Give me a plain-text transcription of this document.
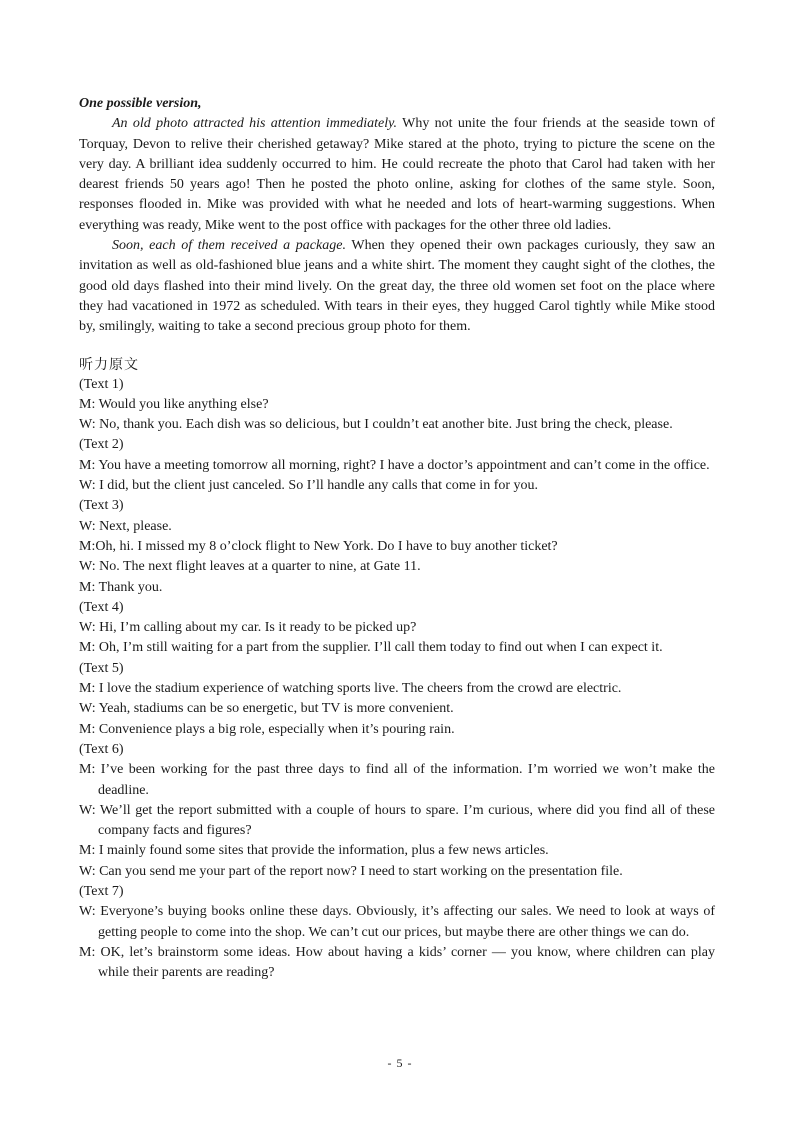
One possible version,

An old photo attracted his attention immediately. Why not unite the four friends at the seaside town of Torquay, Devon to relive their cherished getaway? Mike stared at the photo, trying to picture the scene on the very day. A brilliant idea suddenly occurred to him. He could recreate the photo that Carol had taken with her dearest friends 50 years ago! Then he posted the photo online, asking for clothes of the same style. Soon, responses flooded in. Mike was provided with what he needed and lots of heart-warming suggestions. When everything was ready, Mike went to the post office with packages for the other three old ladies.

Soon, each of them received a package. When they opened their own packages curiously, they saw an invitation as well as old-fashioned blue jeans and a white shirt. The moment they caught sight of the clothes, the good old days flashed into their mind lively. On the great day, the three old women set foot on the place where they had vacationed in 1972 as scheduled. With tears in their eyes, they hugged Carol tightly while Mike stood by, smilingly, waiting to take a second precious group photo for them.

听力原文

(Text 1)

M: Would you like anything else?

W: No, thank you. Each dish was so delicious, but I couldn’t eat another bite. Just bring the check, please.

(Text 2)

M: You have a meeting tomorrow all morning, right? I have a doctor’s appointment and can’t come in the office.

W: I did, but the client just canceled. So I’ll handle any calls that come in for you.

(Text 3)

W: Next, please.

M:Oh, hi. I missed my 8 o’clock flight to New York. Do I have to buy another ticket?

W: No. The next flight leaves at a quarter to nine, at Gate 11.

M: Thank you.

(Text 4)

W: Hi, I’m calling about my car. Is it ready to be picked up?

M: Oh, I’m still waiting for a part from the supplier. I’ll call them today to find out when I can expect it.

(Text 5)

M: I love the stadium experience of watching sports live. The cheers from the crowd are electric.

W: Yeah, stadiums can be so energetic, but TV is more convenient.

M: Convenience plays a big role, especially when it’s pouring rain.

(Text 6)

M: I’ve been working for the past three days to find all of the information. I’m worried we won’t make the deadline.

W: We’ll get the report submitted with a couple of hours to spare. I’m curious, where did you find all of these company facts and figures?

M: I mainly found some sites that provide the information, plus a few news articles.

W: Can you send me your part of the report now? I need to start working on the presentation file.

(Text 7)

W: Everyone’s buying books online these days. Obviously, it’s affecting our sales. We need to look at ways of getting people to come into the shop. We can’t cut our prices, but maybe there are other things we can do.

M: OK, let’s brainstorm some ideas. How about having a kids’ corner — you know, where children can play while their parents are reading?

- 5 -
